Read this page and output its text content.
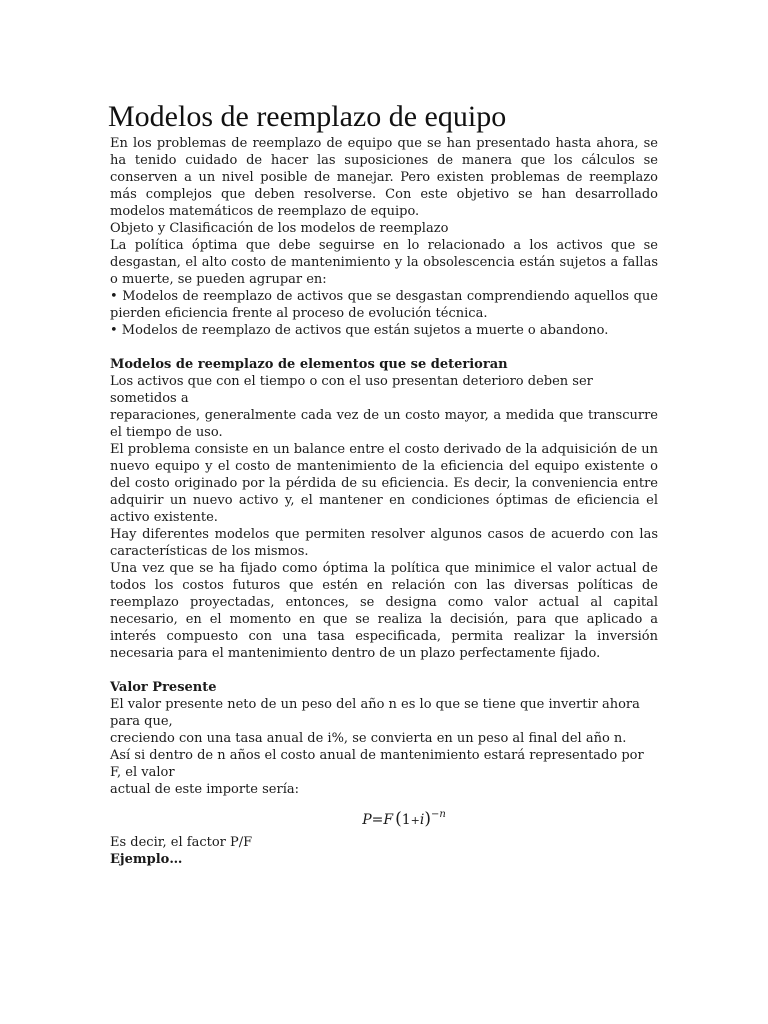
Modelos de reemplazo de equipo

En los problemas de reemplazo de equipo que se han presentado hasta ahora, se ha tenido cuidado de hacer las suposiciones de manera que los cálculos se conserven a un nivel posible de manejar. Pero existen problemas de reemplazo más complejos que deben resolverse. Con este objetivo se han desarrollado modelos matemáticos de reemplazo de equipo.

Objeto y Clasificación de los modelos de reemplazo

La política óptima que debe seguirse en lo relacionado a los activos que se desgastan, el alto costo de mantenimiento y la obsolescencia están sujetos a fallas o muerte, se pueden agrupar en:

• Modelos de reemplazo de activos que se desgastan comprendiendo aquellos que pierden eficiencia frente al proceso de evolución técnica.

• Modelos de reemplazo de activos que están sujetos a muerte o abandono.

Modelos de reemplazo de elementos que se deterioran

Los activos que con el tiempo o con el uso presentan deterioro deben ser sometidos a

reparaciones, generalmente cada vez de un costo mayor, a medida que transcurre el tiempo de uso.

El problema consiste en un balance entre el costo derivado de la adquisición de un nuevo equipo y el costo de mantenimiento de la eficiencia del equipo existente o del costo originado por la pérdida de su eficiencia. Es decir, la conveniencia entre adquirir un nuevo activo y, el mantener en condiciones óptimas de eficiencia el activo existente.

Hay diferentes modelos que permiten resolver algunos casos de acuerdo con las características de los mismos.

Una vez que se ha fijado como óptima la política que minimice el valor actual de todos los costos futuros que estén en relación con las diversas políticas de reemplazo proyectadas, entonces, se designa como valor actual al capital necesario, en el momento en que se realiza la decisión, para que aplicado a interés compuesto con una tasa especificada, permita realizar la inversión necesaria para el mantenimiento dentro de un plazo perfectamente fijado.

Valor Presente

El valor presente neto de un peso del año n es lo que se tiene que invertir ahora para que,

creciendo con una tasa anual de i%, se convierta en un peso al final del año n.

Así si dentro de n años el costo anual de mantenimiento estará representado por F, el valor

actual de este importe sería:

P=F $(1+i)^{-n}$

Es decir, el factor P/F

Ejemplo…
